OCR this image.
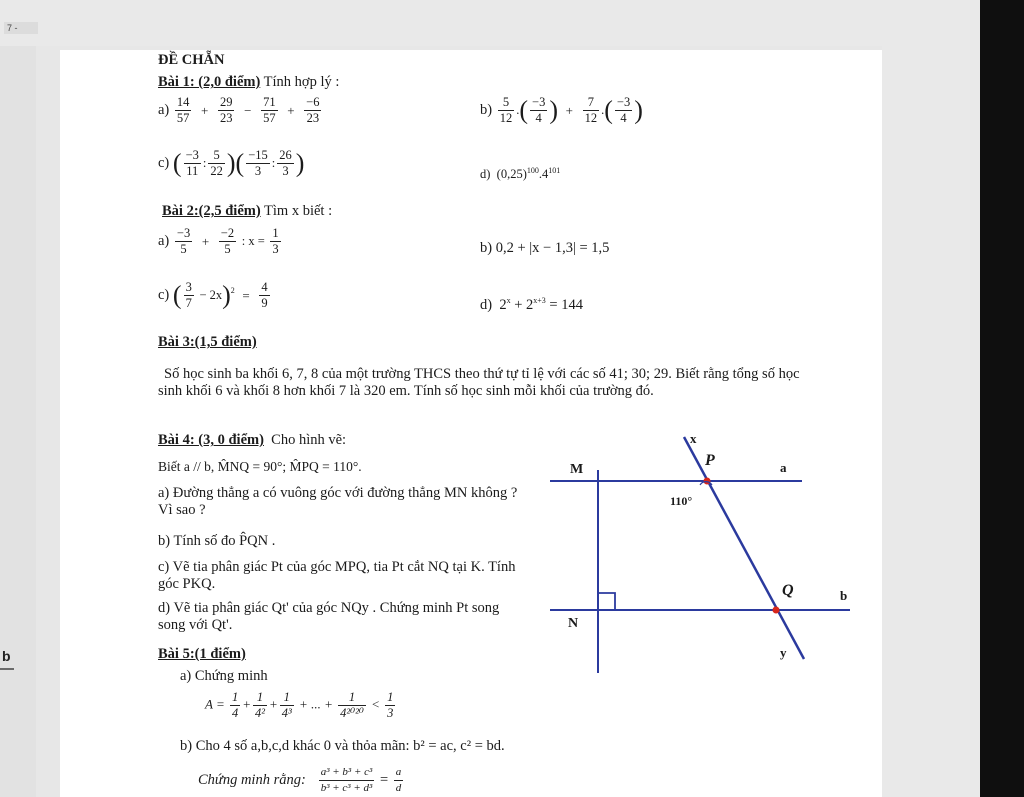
7 -
b
ĐỀ CHẴN
Bài 1: (2,0 điểm) Tính hợp lý :
$a) \frac{14}{57} + \frac{29}{23} - \frac{71}{57} + \frac{-6}{23}$	$b) \frac{5}{12}$ .( $\frac{-3}{4}$ ) + $\frac{7}{12}$ .( $\frac{-3}{4}$ )
c) ( $\frac{-3}{11}$ : $\frac{5}{22}$ )( $\frac{-15}{3}$ : $\frac{26}{3}$ )	d) $(0,25)^{100}.4^{101}$
Bài 2:(2,5 điểm) Tìm x biết :
$a) \frac{-3}{5} + \frac{-2}{5}$ : $x = \frac{1}{3}$	b) 0,2 + |x − 1,3| = 1,5
c) ( $\frac{3}{7} - 2x)^2 = \frac{4}{9}$	d) $2^x + 2^{x+3} = 144$
Bài 3:(1,5 điểm)
Số học sinh ba khối 6, 7, 8 của một trường THCS theo thứ tự tỉ lệ với các số 41; 30; 29. Biết rằng tổng số học sinh khối 6 và khối 8 hơn khối 7 là 320 em. Tính số học sinh mỗi khối của trường đó.
Bài 4: (3, 0 điểm) Cho hình vẽ:
Biết a // b, M̂NQ = 90°; M̂PQ = 110°.
a) Đường thẳng a có vuông góc với đường thẳng MN không ? Vì sao ?
b) Tính số đo P̂QN .
c) Vẽ tia phân giác Pt của góc MPQ, tia Pt cắt NQ tại K. Tính góc PKQ.
d) Vẽ tia phân giác Qt' của góc NQy . Chứng minh Pt song song với Qt'.
x
P	a
M
110°
Q	b
N
y
Bài 5:(1 điểm)
a) Chứng minh
$A = \frac{1}{4} + \frac{1}{\text{4²}} + \frac{1}{\text{4³}}$ + ... + $\frac{1}{\text{4²⁰²⁰}} < \frac{1}{3}$
b) Cho 4 số a,b,c,d khác 0 và thỏa mãn: b² = ac, c² = bd.
Chứng minh rằng: $\frac{\text{a³ + b³ + c³}}{\text{b³ + c³ + d³}} = \frac{a}{d}$
